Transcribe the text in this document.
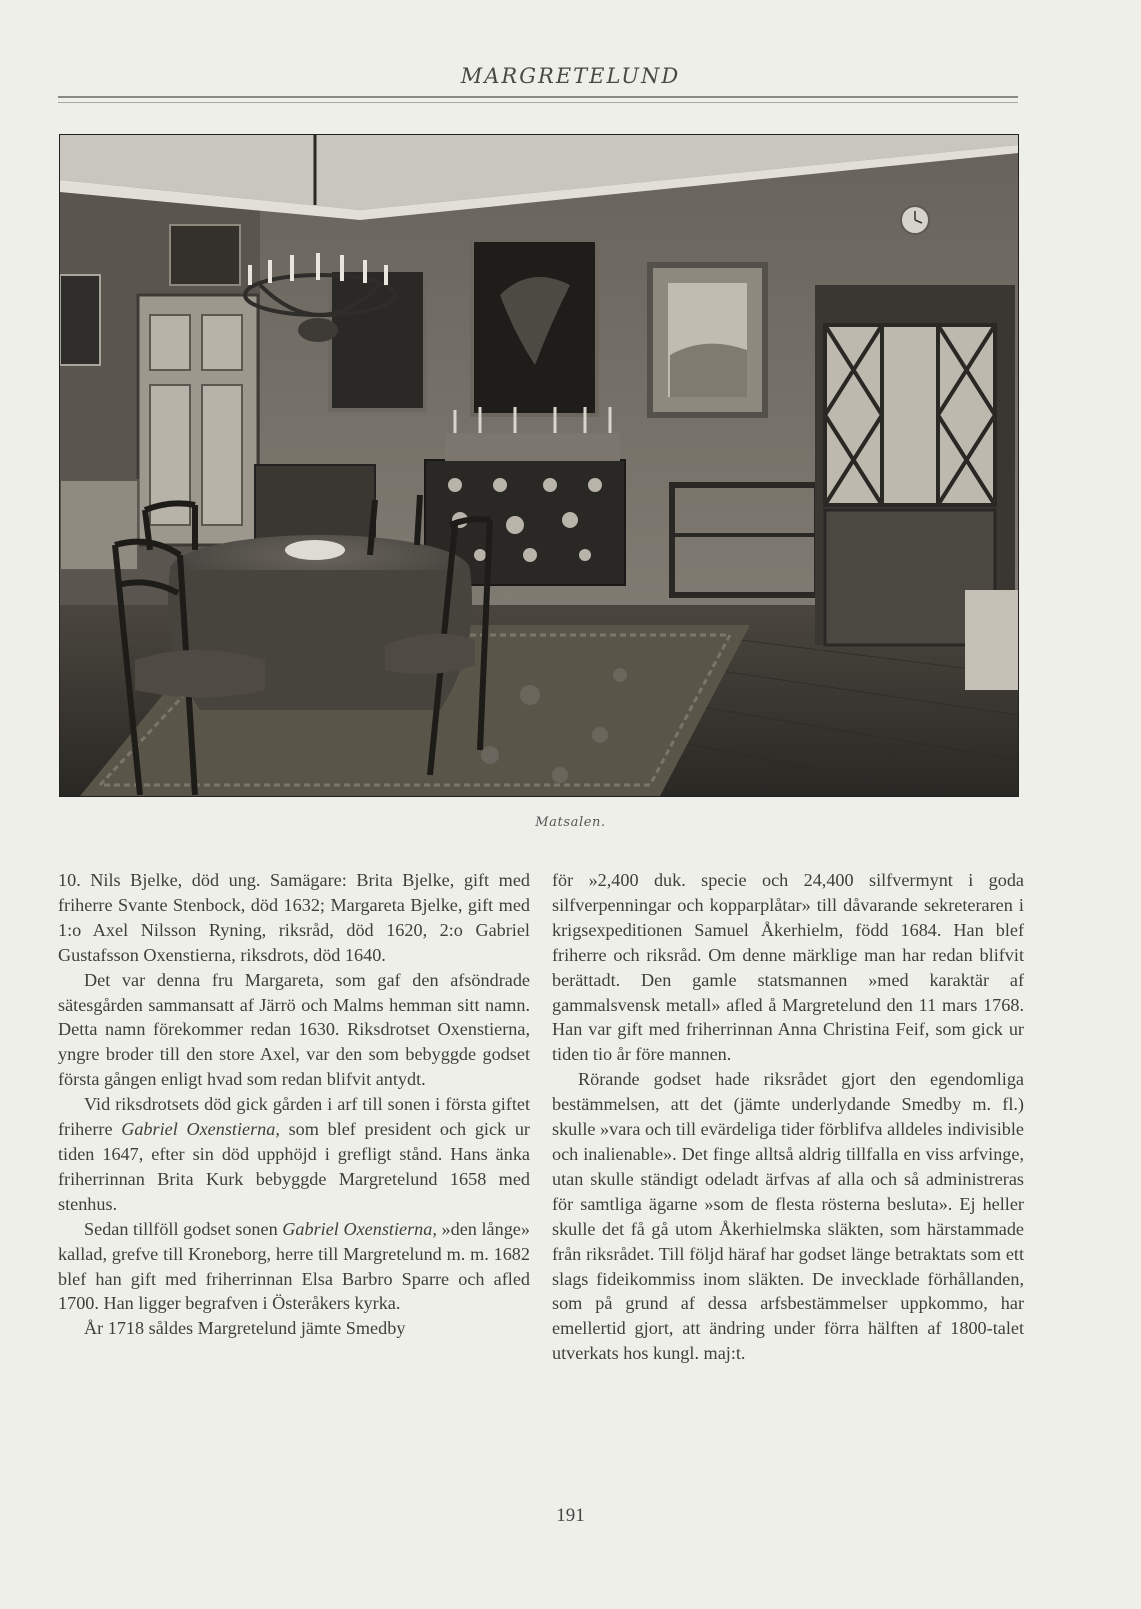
MARGRETELUND
Matsalen.

10. Nils Bjelke, död ung. Samägare: Brita Bjelke, gift med friherre Svante Stenbock, död 1632; Margareta Bjelke, gift med 1:o Axel Nilsson Ryning, riksråd, död 1620, 2:o Gabriel Gustafsson Oxenstierna, riksdrots, död 1640.

Det var denna fru Margareta, som gaf den afsöndrade sätesgården sammansatt af Järrö och Malms hemman sitt namn. Detta namn förekommer redan 1630. Riksdrotset Oxenstierna, yngre broder till den store Axel, var den som bebyggde godset första gången enligt hvad som redan blifvit antydt.

Vid riksdrotsets död gick gården i arf till sonen i första giftet friherre Gabriel Oxenstierna, som blef president och gick ur tiden 1647, efter sin död upphöjd i grefligt stånd. Hans änka friherrinnan Brita Kurk bebyggde Margretelund 1658 med stenhus.

Sedan tillföll godset sonen Gabriel Oxenstierna, »den långe» kallad, grefve till Kroneborg, herre till Margretelund m. m. 1682 blef han gift med friherrinnan Elsa Barbro Sparre och afled 1700. Han ligger begrafven i Österåkers kyrka.

År 1718 såldes Margretelund jämte Smedby

för »2,400 duk. specie och 24,400 silfvermynt i goda silfverpenningar och kopparplåtar» till dåvarande sekreteraren i krigsexpeditionen Samuel Åkerhielm, född 1684. Han blef friherre och riksråd. Om denne märklige man har redan blifvit berättadt. Den gamle statsmannen »med karaktär af gammalsvensk metall» afled å Margretelund den 11 mars 1768. Han var gift med friherrinnan Anna Christina Feif, som gick ur tiden tio år före mannen.

Rörande godset hade riksrådet gjort den egendomliga bestämmelsen, att det (jämte underlydande Smedby m. fl.) skulle »vara och till evärdeliga tider förblifva alldeles indivisible och inalienable». Det finge alltså aldrig tillfalla en viss arfvinge, utan skulle ständigt odeladt ärfvas af alla och så administreras för samtliga ägarne »som de flesta rösterna besluta». Ej heller skulle det få gå utom Åkerhielmska släkten, som härstammade från riksrådet. Till följd häraf har godset länge betraktats som ett slags fideikommiss inom släkten. De invecklade förhållanden, som på grund af dessa arfsbestämmelser uppkommo, har emellertid gjort, att ändring under förra hälften af 1800-talet utverkats hos kungl. maj:t.

191
